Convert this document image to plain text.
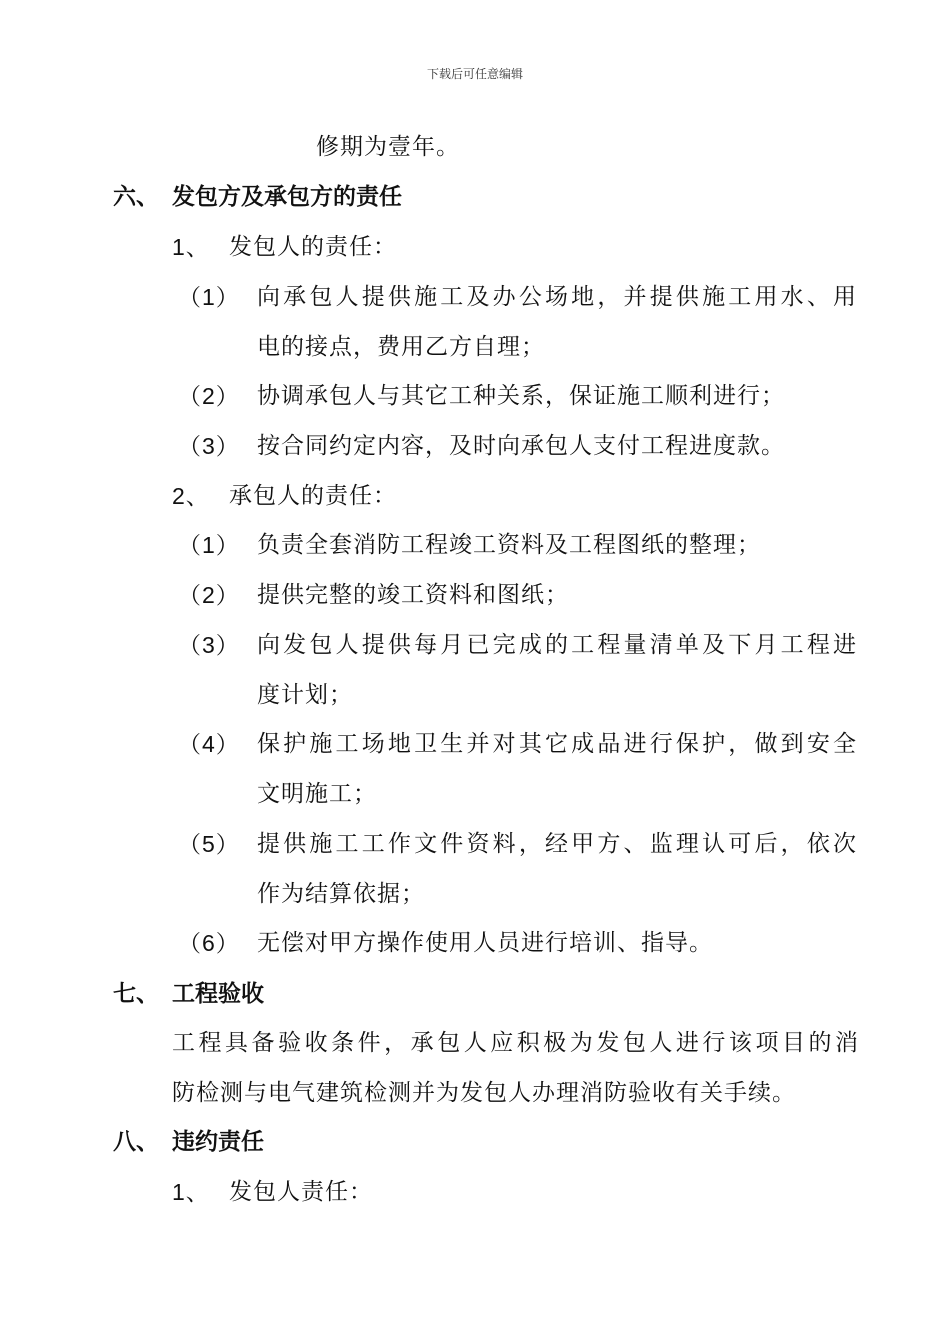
下载后可任意编辑
修期为壹年。
六、 发包方及承包方的责任
1、 发包人的责任：
（1） 向承包人提供施工及办公场地，并提供施工用水、用
电的接点，费用乙方自理；
（2） 协调承包人与其它工种关系，保证施工顺利进行；
（3） 按合同约定内容，及时向承包人支付工程进度款。
2、 承包人的责任：
（1） 负责全套消防工程竣工资料及工程图纸的整理；
（2） 提供完整的竣工资料和图纸；
（3） 向发包人提供每月已完成的工程量清单及下月工程进
度计划；
（4） 保护施工场地卫生并对其它成品进行保护，做到安全
文明施工；
（5） 提供施工工作文件资料，经甲方、监理认可后，依次
作为结算依据；
（6） 无偿对甲方操作使用人员进行培训、指导。
七、 工程验收
工程具备验收条件，承包人应积极为发包人进行该项目的消
防检测与电气建筑检测并为发包人办理消防验收有关手续。
八、 违约责任
1、 发包人责任：
